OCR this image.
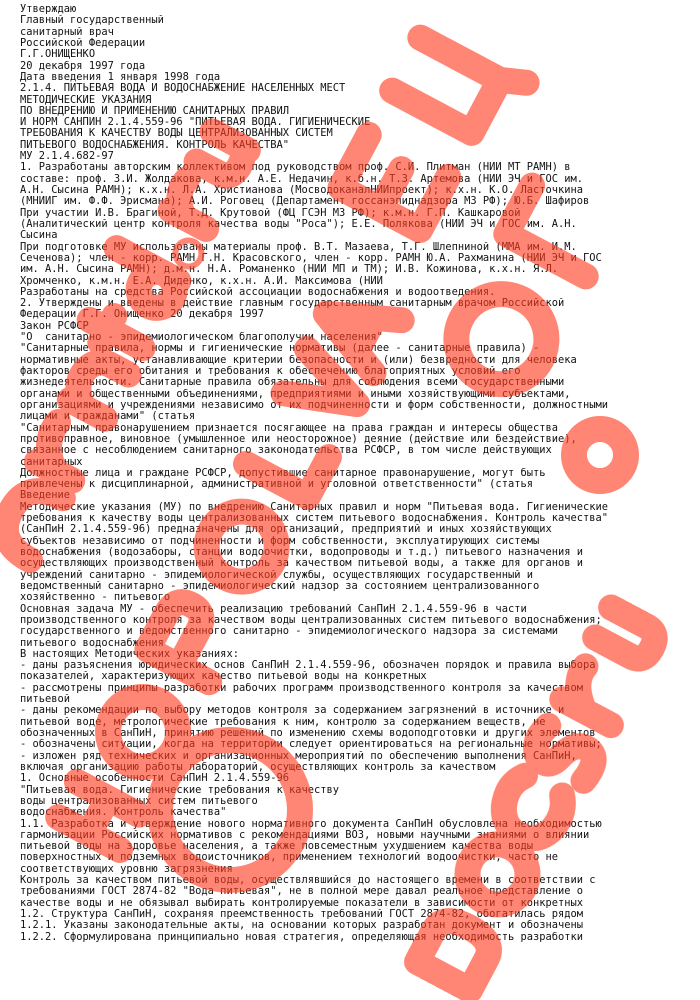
Утверждаю
Главный государственный
санитарный врач
Российской Федерации
Г.Г.ОНИЩЕНКО
20 декабря 1997 года
Дата введения 1 января 1998 года
2.1.4. ПИТЬЕВАЯ ВОДА И ВОДОСНАБЖЕНИЕ НАСЕЛЕННЫХ МЕСТ
МЕТОДИЧЕСКИЕ УКАЗАНИЯ
ПО ВНЕДРЕНИЮ И ПРИМЕНЕНИЮ САНИТАРНЫХ ПРАВИЛ
И НОРМ САНПИН 2.1.4.559-96 "ПИТЬЕВАЯ ВОДА. ГИГИЕНИЧЕСКИЕ
ТРЕБОВАНИЯ К КАЧЕСТВУ ВОДЫ ЦЕНТРАЛИЗОВАННЫХ СИСТЕМ
ПИТЬЕВОГО ВОДОСНАБЖЕНИЯ. КОНТРОЛЬ КАЧЕСТВА"
МУ 2.1.4.682-97
1. Разработаны авторским коллективом под руководством проф. С.И. Плитман (НИИ МТ РАМН) в
составе: проф. З.И. Жолдакова, к.м.н. А.Е. Недачин, к.б.н. Т.З. Артемова (НИИ ЭЧ и ГОС им.
А.Н. Сысина РАМН); к.х.н. Л.А. Христианова (МосводоканалНИИпроект); к.х.н. К.О. Ласточкина
(МНИИГ им. Ф.Ф. Эрисмана); А.И. Роговец (Департамент госсанэпиднадзора МЗ РФ); Ю.Б. Шафиров
При участии И.В. Брагиной, Т.Д. Крутовой (ФЦ ГСЭН МЗ РФ); к.м.н. Г.П. Кашкаровой
(Аналитический центр контроля качества воды "Роса"); Е.Е. Поляковa (НИИ ЭЧ и ГОС им. А.Н.
Сысина
При подготовке МУ использованы материалы проф. В.Т. Мазаева, Т.Г. Шлепниной (ММА им. И.М.
Сеченова); член - корр. РАМН Г.Н. Красовского, член - корр. РАМН Ю.А. Рахманина (НИИ ЭЧ и ГОС
им. А.Н. Сысина РАМН); д.м.н. Н.А. Романенко (НИИ МП и ТМ); И.В. Кожинова, к.х.н. Я.Л.
Хромченко, к.м.н. Е.А. Диденко, к.х.н. А.И. Максимова (НИИ
Разработаны на средства Российской ассоциации водоснабжения и водоотведения.
2. Утверждены и введены в действие главным государственным санитарным врачом Российской
Федерации Г.Г. Онищенко 20 декабря 1997
Закон РСФСР
"О  санитарно - эпидемиологическом благополучии населения"
"Санитарные правила, нормы и гигиенические нормативы (далее - санитарные правила) -
нормативные акты, устанавливающие критерии безопасности и (или) безвредности для человека
факторов среды его обитания и требования к обеспечению благоприятных условий его
жизнедеятельности. Санитарные правила обязательны для соблюдения всеми государственными
органами и общественными объединениями, предприятиями и иными хозяйствующими субъектами,
организациями и учреждениями независимо от их подчиненности и форм собственности, должностными
лицами и гражданами" (статья
"Санитарным правонарушением признается посягающее на права граждан и интересы общества
противоправное, виновное (умышленное или неосторожное) деяние (действие или бездействие),
связанное с несоблюдением санитарного законодательства РСФСР, в том числе действующих
санитарных
Должностные лица и граждане РСФСР, допустившие санитарное правонарушение, могут быть
привлечены к дисциплинарной, административной и уголовной ответственности" (статья
Введение
Методические указания (МУ) по внедрению Санитарных правил и норм "Питьевая вода. Гигиенические
требования к качеству воды централизованных систем питьевого водоснабжения. Контроль качества"
(СанПиН 2.1.4.559-96) предназначены для организаций, предприятий и иных хозяйствующих
субъектов независимо от подчиненности и форм собственности, эксплуатирующих системы
водоснабжения (водозаборы, станции водоочистки, водопроводы и т.д.) питьевого назначения и
осуществляющих производственный контроль за качеством питьевой воды, а также для органов и
учреждений санитарно - эпидемиологической службы, осуществляющих государственный и
ведомственный санитарно - эпидемиологический надзор за состоянием централизованного
хозяйственно - питьевого
Основная задача МУ - обеспечить реализацию требований СанПиН 2.1.4.559-96 в части
производственного контроля за качеством воды централизованных систем питьевого водоснабжения;
государственного и ведомственного санитарно - эпидемиологического надзора за системами
питьевого водоснабжения
В настоящих Методических указаниях:
- даны разъяснения юридических основ СанПиН 2.1.4.559-96, обозначен порядок и правила выбора
показателей, характеризующих качество питьевой воды на конкретных
- рассмотрены принципы разработки рабочих программ производственного контроля за качеством
питьевой
- даны рекомендации по выбору методов контроля за содержанием загрязнений в источнике и
питьевой воде, метрологические требования к ним, контролю за содержанием веществ, не
обозначенных в СанПиН, принятию решений по изменению схемы водоподготовки и других элементов
- обозначены ситуации, когда на территории следует ориентироваться на региональные нормативы;
- изложен ряд технических и организационных мероприятий по обеспечению выполнения СанПиН,
включая организацию работы лабораторий, осуществляющих контроль за качеством
1. Основные особенности СанПиН 2.1.4.559-96
"Питьевая вода. Гигиенические требования к качеству
воды централизованных систем питьевого
водоснабжения. Контроль качества"
1.1. Разработка и утверждение нового нормативного документа СанПиН обусловлена необходимостью
гармонизации Российских нормативов с рекомендациями ВОЗ, новыми научными знаниями о влиянии
питьевой воды на здоровье населения, а также повсеместным ухудшением качества воды
поверхностных и подземных водоисточников, применением технологий водоочистки, часто не
соответствующих уровню загрязнения
Контроль за качеством питьевой воды, осуществлявшийся до настоящего времени в соответствии с
требованиями ГОСТ 2874-82 "Вода питьевая", не в полной мере давал реальное представление о
качестве воды и не обязывал выбирать контролируемые показатели в зависимости от конкретных
1.2. Структура СанПиН, сохраняя преемственность требований ГОСТ 2874-82, обогатилась рядом
1.2.1. Указаны законодательные акты, на основании которых разработан документ и обозначены
1.2.2. Сформулирована принципиально новая стратегия, определяющая необходимость разработки
